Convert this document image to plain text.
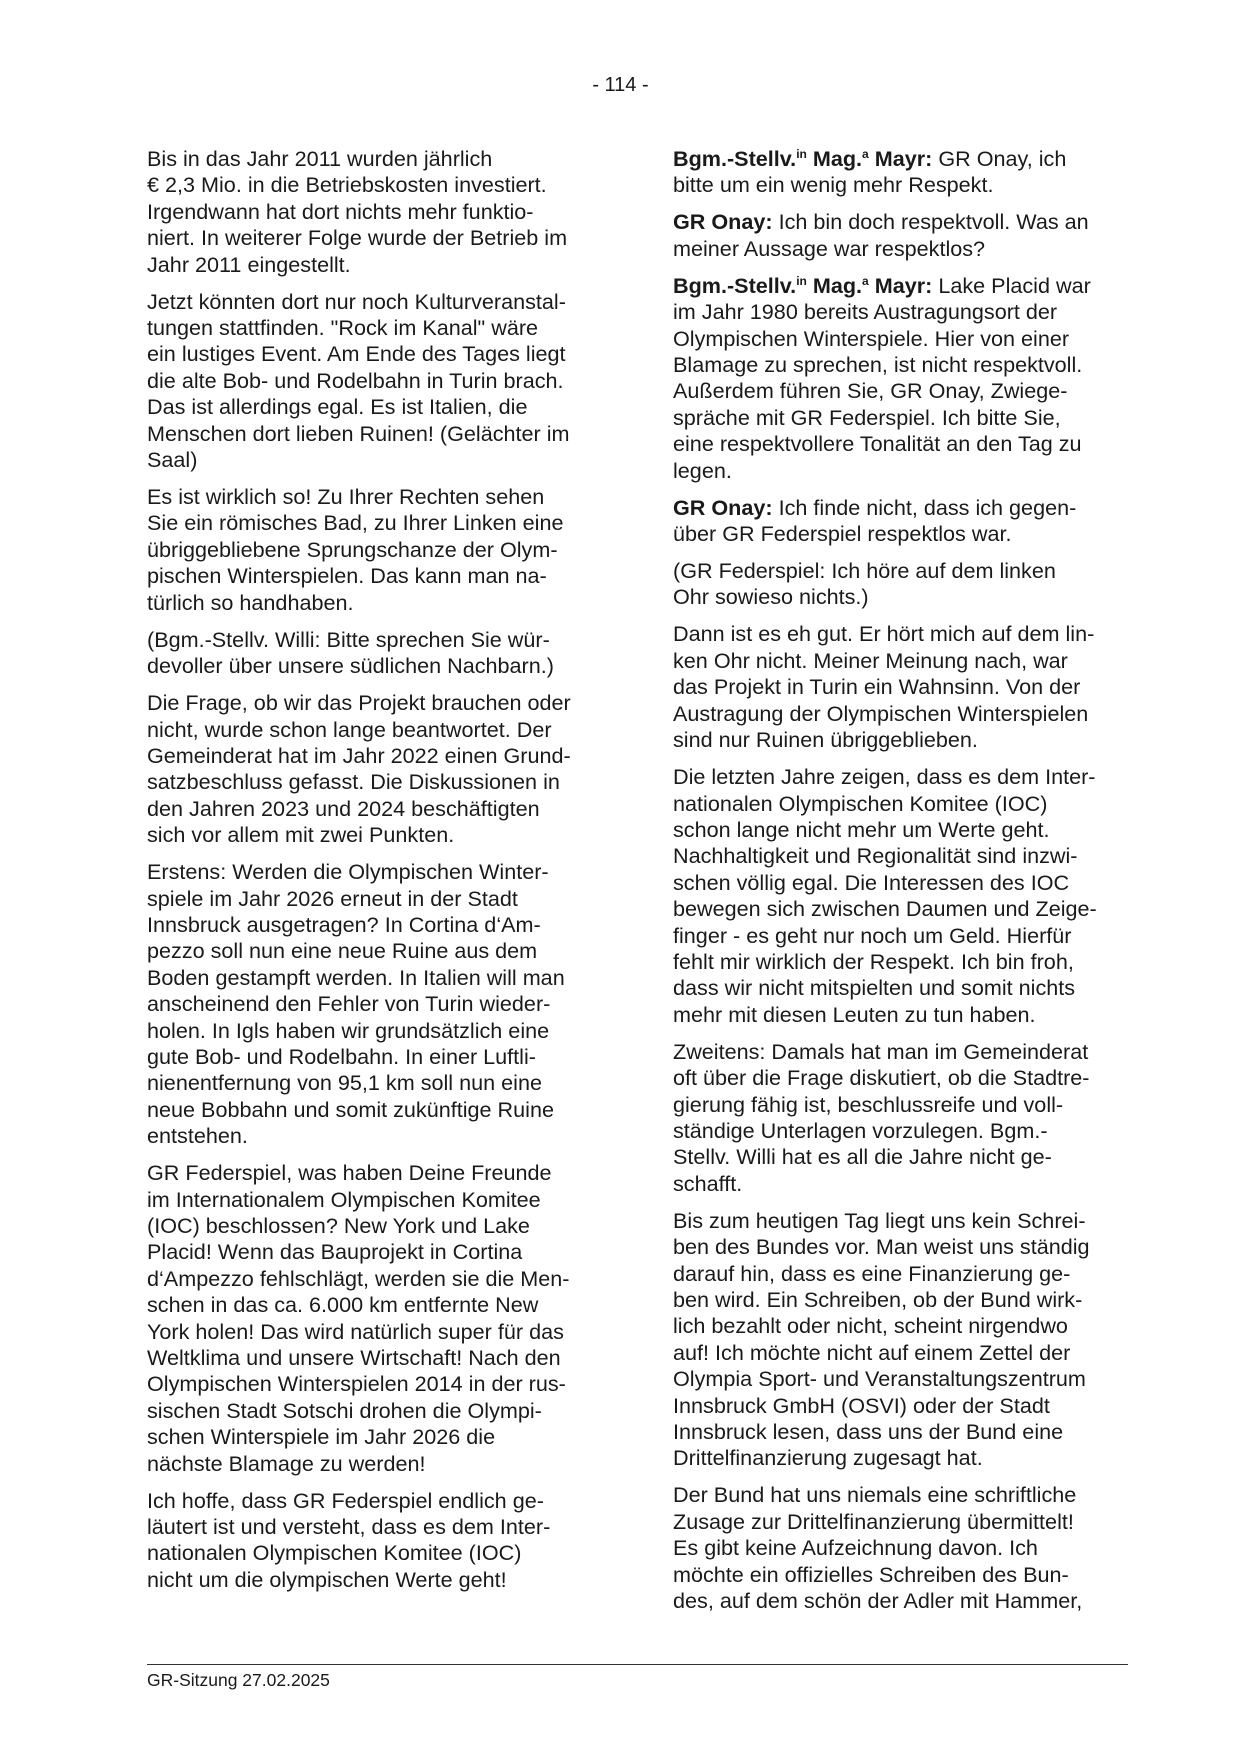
- 114 -

Bis in das Jahr 2011 wurden jährlich
€ 2,3 Mio. in die Betriebskosten investiert.
Irgendwann hat dort nichts mehr funktio-
niert. In weiterer Folge wurde der Betrieb im
Jahr 2011 eingestellt.

Jetzt könnten dort nur noch Kulturveranstal-
tungen stattfinden. "Rock im Kanal" wäre
ein lustiges Event. Am Ende des Tages liegt
die alte Bob- und Rodelbahn in Turin brach.
Das ist allerdings egal. Es ist Italien, die
Menschen dort lieben Ruinen! (Gelächter im
Saal)

Es ist wirklich so! Zu Ihrer Rechten sehen
Sie ein römisches Bad, zu Ihrer Linken eine
übriggebliebene Sprungschanze der Olym-
pischen Winterspielen. Das kann man na-
türlich so handhaben.

(Bgm.-Stellv. Willi: Bitte sprechen Sie wür-
devoller über unsere südlichen Nachbarn.)

Die Frage, ob wir das Projekt brauchen oder
nicht, wurde schon lange beantwortet. Der
Gemeinderat hat im Jahr 2022 einen Grund-
satzbeschluss gefasst. Die Diskussionen in
den Jahren 2023 und 2024 beschäftigten
sich vor allem mit zwei Punkten.

Erstens: Werden die Olympischen Winter-
spiele im Jahr 2026 erneut in der Stadt
Innsbruck ausgetragen? In Cortina d‘Am-
pezzo soll nun eine neue Ruine aus dem
Boden gestampft werden. In Italien will man
anscheinend den Fehler von Turin wieder-
holen. In Igls haben wir grundsätzlich eine
gute Bob- und Rodelbahn. In einer Luftli-
nienentfernung von 95,1 km soll nun eine
neue Bobbahn und somit zukünftige Ruine
entstehen.

GR Federspiel, was haben Deine Freunde
im Internationalem Olympischen Komitee
(IOC) beschlossen? New York und Lake
Placid! Wenn das Bauprojekt in Cortina
d‘Ampezzo fehlschlägt, werden sie die Men-
schen in das ca. 6.000 km entfernte New
York holen! Das wird natürlich super für das
Weltklima und unsere Wirtschaft! Nach den
Olympischen Winterspielen 2014 in der rus-
sischen Stadt Sotschi drohen die Olympi-
schen Winterspiele im Jahr 2026 die
nächste Blamage zu werden!

Ich hoffe, dass GR Federspiel endlich ge-
läutert ist und versteht, dass es dem Inter-
nationalen Olympischen Komitee (IOC)
nicht um die olympischen Werte geht!

Bgm.-Stellv.$^{in}$ Mag.$^a$ Mayr: GR Onay, ich
bitte um ein wenig mehr Respekt.

GR Onay: Ich bin doch respektvoll. Was an
meiner Aussage war respektlos?

Bgm.-Stellv.$^{in}$ Mag.$^a$ Mayr: Lake Placid war
im Jahr 1980 bereits Austragungsort der
Olympischen Winterspiele. Hier von einer
Blamage zu sprechen, ist nicht respektvoll.
Außerdem führen Sie, GR Onay, Zwiege-
spräche mit GR Federspiel. Ich bitte Sie,
eine respektvollere Tonalität an den Tag zu
legen.

GR Onay: Ich finde nicht, dass ich gegen-
über GR Federspiel respektlos war.

(GR Federspiel: Ich höre auf dem linken
Ohr sowieso nichts.)

Dann ist es eh gut. Er hört mich auf dem lin-
ken Ohr nicht. Meiner Meinung nach, war
das Projekt in Turin ein Wahnsinn. Von der
Austragung der Olympischen Winterspielen
sind nur Ruinen übriggeblieben.

Die letzten Jahre zeigen, dass es dem Inter-
nationalen Olympischen Komitee (IOC)
schon lange nicht mehr um Werte geht.
Nachhaltigkeit und Regionalität sind inzwi-
schen völlig egal. Die Interessen des IOC
bewegen sich zwischen Daumen und Zeige-
finger - es geht nur noch um Geld. Hierfür
fehlt mir wirklich der Respekt. Ich bin froh,
dass wir nicht mitspielten und somit nichts
mehr mit diesen Leuten zu tun haben.

Zweitens: Damals hat man im Gemeinderat
oft über die Frage diskutiert, ob die Stadtre-
gierung fähig ist, beschlussreife und voll-
ständige Unterlagen vorzulegen. Bgm.-
Stellv. Willi hat es all die Jahre nicht ge-
schafft.

Bis zum heutigen Tag liegt uns kein Schrei-
ben des Bundes vor. Man weist uns ständig
darauf hin, dass es eine Finanzierung ge-
ben wird. Ein Schreiben, ob der Bund wirk-
lich bezahlt oder nicht, scheint nirgendwo
auf! Ich möchte nicht auf einem Zettel der
Olympia Sport- und Veranstaltungszentrum
Innsbruck GmbH (OSVI) oder der Stadt
Innsbruck lesen, dass uns der Bund eine
Drittelfinanzierung zugesagt hat.

Der Bund hat uns niemals eine schriftliche
Zusage zur Drittelfinanzierung übermittelt!
Es gibt keine Aufzeichnung davon. Ich
möchte ein offizielles Schreiben des Bun-
des, auf dem schön der Adler mit Hammer,

GR-Sitzung 27.02.2025
